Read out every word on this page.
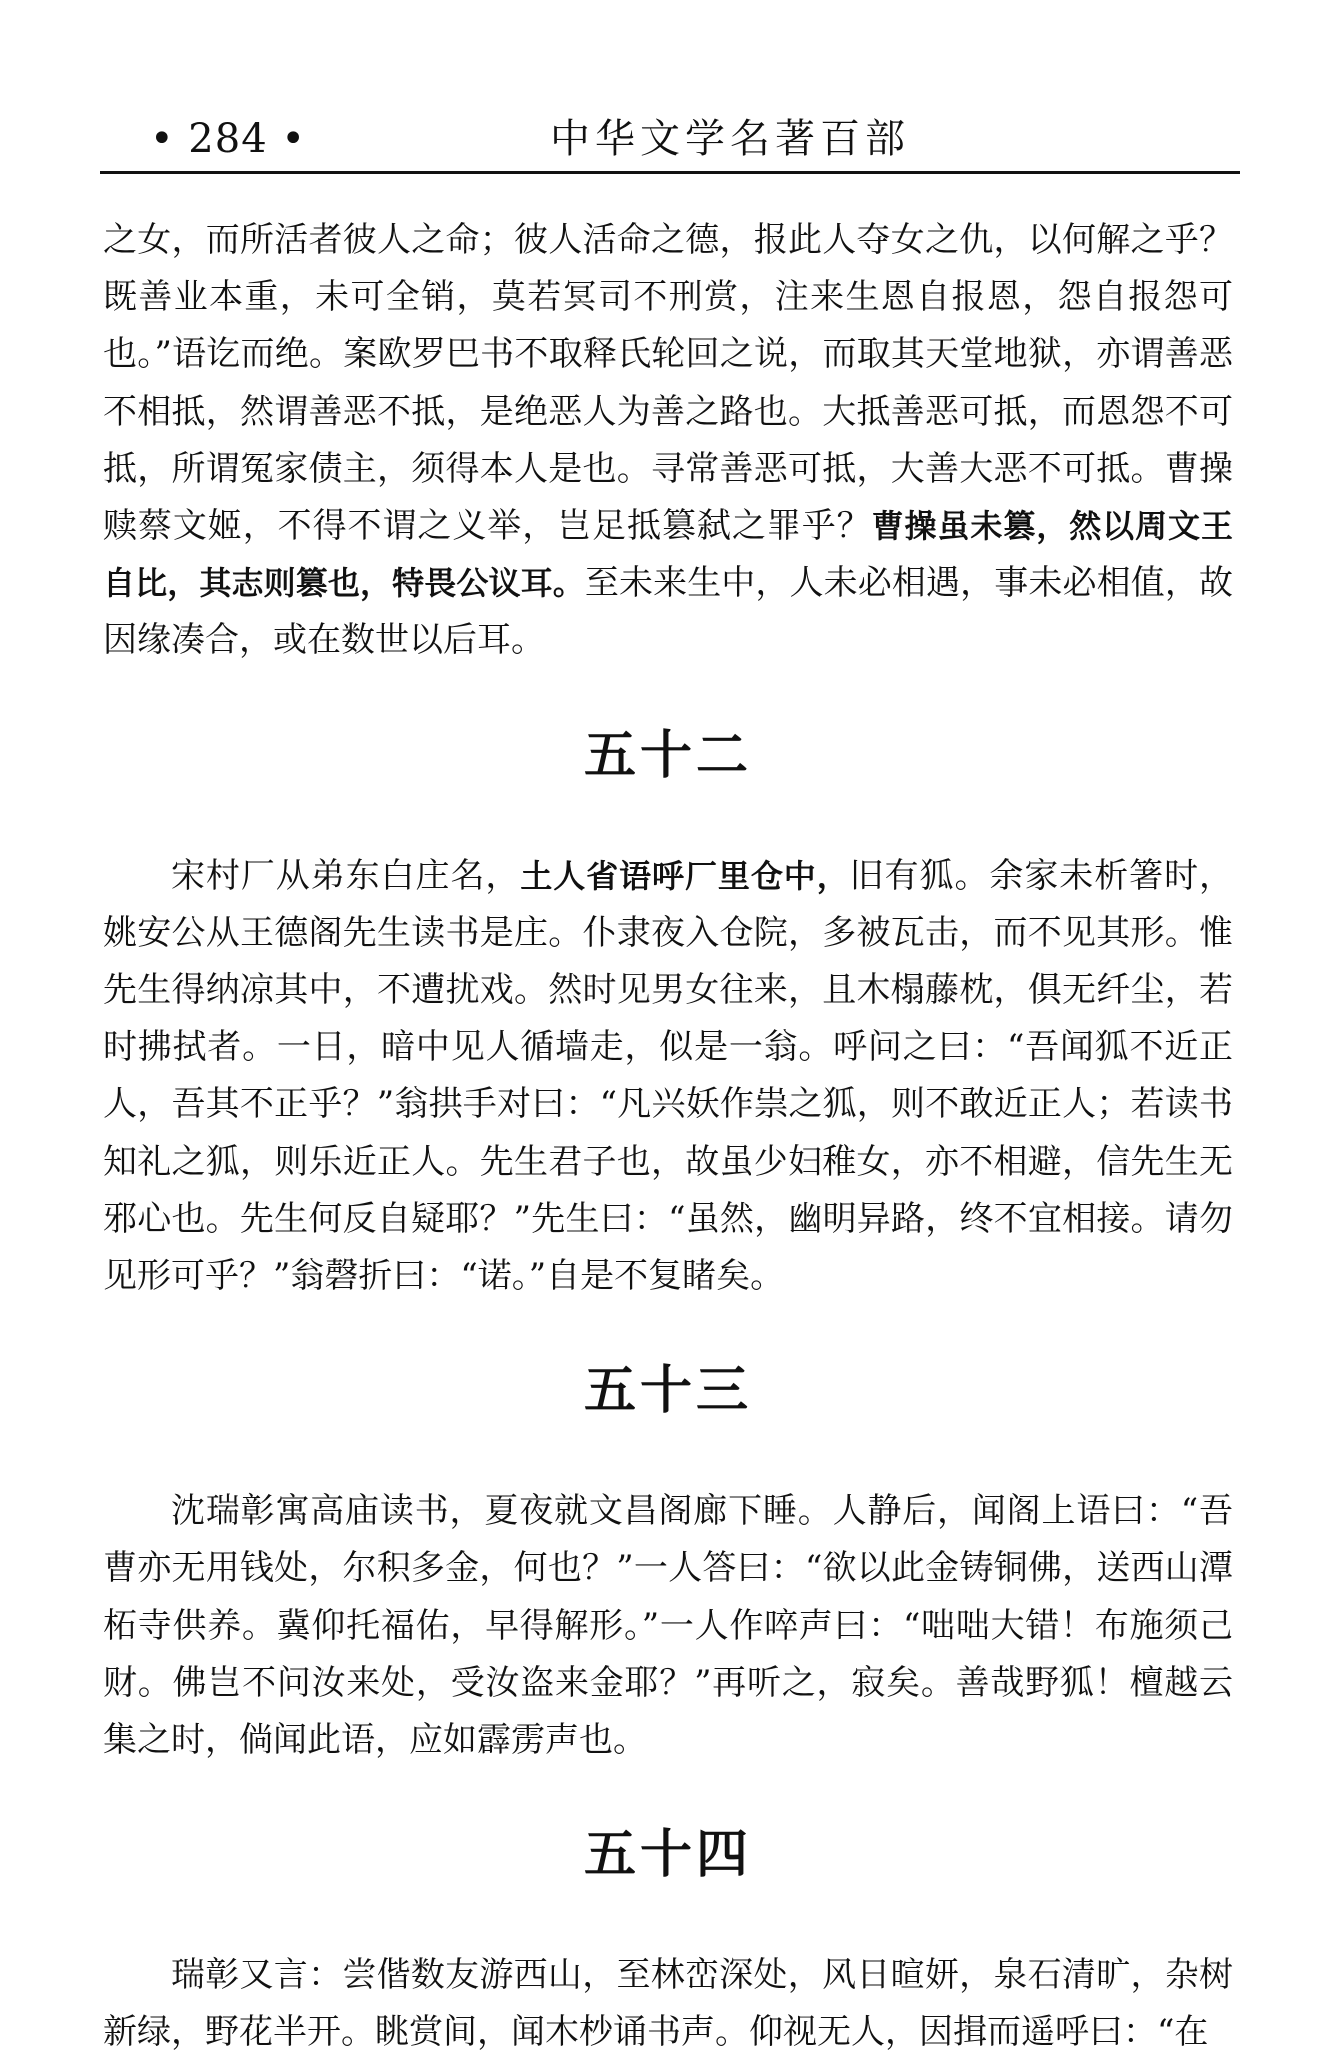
• 284 •	中华文学名著百部

之女，而所活者彼人之命；彼人活命之德，报此人夺女之仇，以何解之乎？既善业本重，未可全销，莫若冥司不刑赏，注来生恩自报恩，怨自报怨可也。”语讫而绝。案欧罗巴书不取释氏轮回之说，而取其天堂地狱，亦谓善恶不相抵，然谓善恶不抵，是绝恶人为善之路也。大抵善恶可抵，而恩怨不可抵，所谓冤家债主，须得本人是也。寻常善恶可抵，大善大恶不可抵。曹操赎蔡文姬，不得不谓之义举，岂足抵篡弑之罪乎？曹操虽未篡，然以周文王自比，其志则篡也，特畏公议耳。至未来生中，人未必相遇，事未必相值，故因缘凑合，或在数世以后耳。

五十二

宋村厂从弟东白庄名，土人省语呼厂里仓中，旧有狐。余家未析箸时，姚安公从王德阁先生读书是庄。仆隶夜入仓院，多被瓦击，而不见其形。惟先生得纳凉其中，不遭扰戏。然时见男女往来，且木榻藤枕，俱无纤尘，若时拂拭者。一日，暗中见人循墙走，似是一翁。呼问之曰：“吾闻狐不近正人，吾其不正乎？”翁拱手对曰：“凡兴妖作祟之狐，则不敢近正人；若读书知礼之狐，则乐近正人。先生君子也，故虽少妇稚女，亦不相避，信先生无邪心也。先生何反自疑耶？”先生曰：“虽然，幽明异路，终不宜相接。请勿见形可乎？”翁磬折曰：“诺。”自是不复睹矣。

五十三

沈瑞彰寓高庙读书，夏夜就文昌阁廊下睡。人静后，闻阁上语曰：“吾曹亦无用钱处，尔积多金，何也？”一人答曰：“欲以此金铸铜佛，送西山潭柘寺供养。冀仰托福佑，早得解形。”一人作啐声曰：“咄咄大错！布施须己财。佛岂不问汝来处，受汝盗来金耶？”再听之，寂矣。善哉野狐！檀越云集之时，倘闻此语，应如霹雳声也。

五十四

瑞彰又言：尝偕数友游西山，至林峦深处，风日暄妍，泉石清旷，杂树新绿，野花半开。眺赏间，闻木杪诵书声。仰视无人，因揖而遥呼曰：“在
